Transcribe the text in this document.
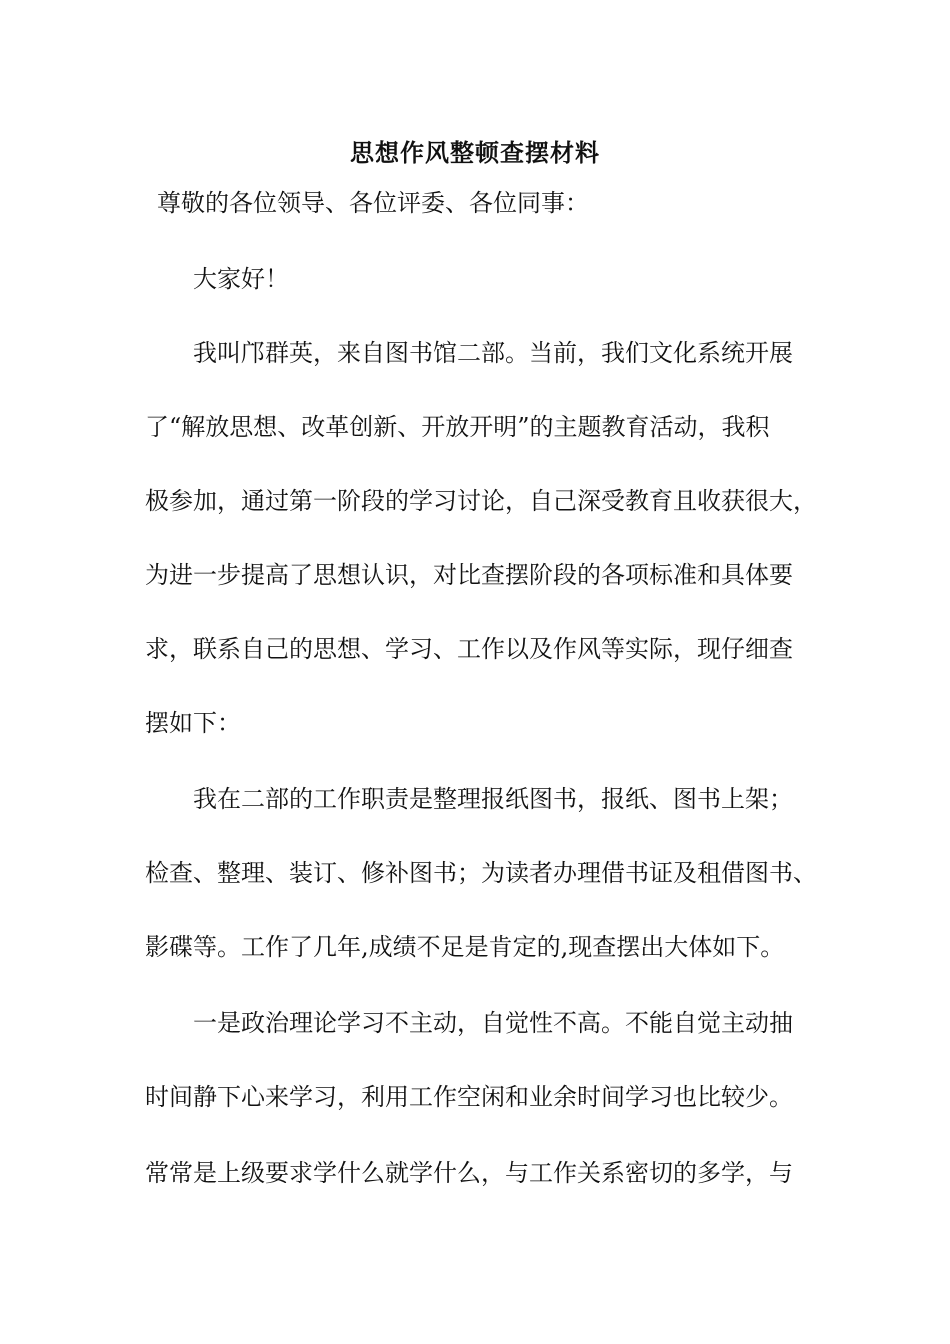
思想作风整顿查摆材料
尊敬的各位领导、各位评委、各位同事：
大家好！
我叫邝群英，来自图书馆二部。当前，我们文化系统开展
了“解放思想、改革创新、开放开明”的主题教育活动，我积
极参加，通过第一阶段的学习讨论，自己深受教育且收获很大，
为进一步提高了思想认识，对比查摆阶段的各项标准和具体要
求，联系自己的思想、学习、工作以及作风等实际，现仔细查
摆如下：
我在二部的工作职责是整理报纸图书，报纸、图书上架；
检查、整理、装订、修补图书；为读者办理借书证及租借图书、
影碟等。工作了几年,成绩不足是肯定的,现查摆出大体如下。
一是政治理论学习不主动，自觉性不高。不能自觉主动抽
时间静下心来学习，利用工作空闲和业余时间学习也比较少。
常常是上级要求学什么就学什么，与工作关系密切的多学，与
